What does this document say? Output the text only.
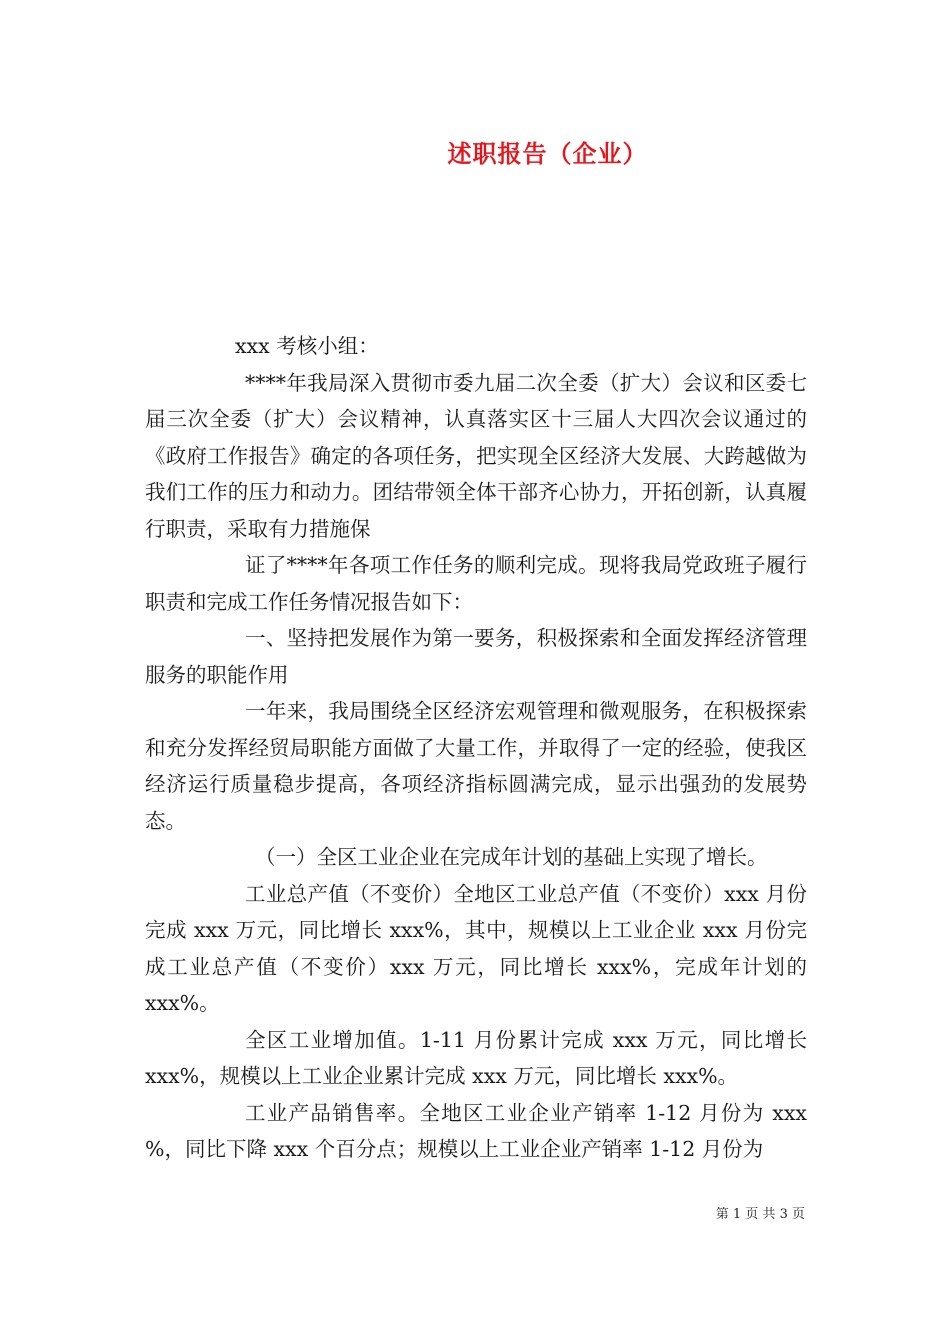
述职报告（企业）

xxx 考核小组：

****年我局深入贯彻市委九届二次全委（扩大）会议和区委七届三次全委（扩大）会议精神，认真落实区十三届人大四次会议通过的《政府工作报告》确定的各项任务，把实现全区经济大发展、大跨越做为我们工作的压力和动力。团结带领全体干部齐心协力，开拓创新，认真履行职责，采取有力措施保

证了****年各项工作任务的顺利完成。现将我局党政班子履行职责和完成工作任务情况报告如下：

一、坚持把发展作为第一要务，积极探索和全面发挥经济管理服务的职能作用

一年来，我局围绕全区经济宏观管理和微观服务，在积极探索和充分发挥经贸局职能方面做了大量工作，并取得了一定的经验，使我区经济运行质量稳步提高，各项经济指标圆满完成，显示出强劲的发展势态。

（一）全区工业企业在完成年计划的基础上实现了增长。

工业总产值（不变价）全地区工业总产值（不变价）xxx 月份完成 xxx 万元，同比增长 xxx%，其中，规模以上工业企业 xxx 月份完成工业总产值（不变价）xxx 万元，同比增长 xxx%，完成年计划的 xxx%。

全区工业增加值。1-11 月份累计完成 xxx 万元，同比增长 xxx%，规模以上工业企业累计完成 xxx 万元，同比增长 xxx%。

工业产品销售率。全地区工业企业产销率 1-12 月份为 xxx %，同比下降 xxx 个百分点；规模以上工业企业产销率 1-12 月份为

第 1 页 共 3 页
